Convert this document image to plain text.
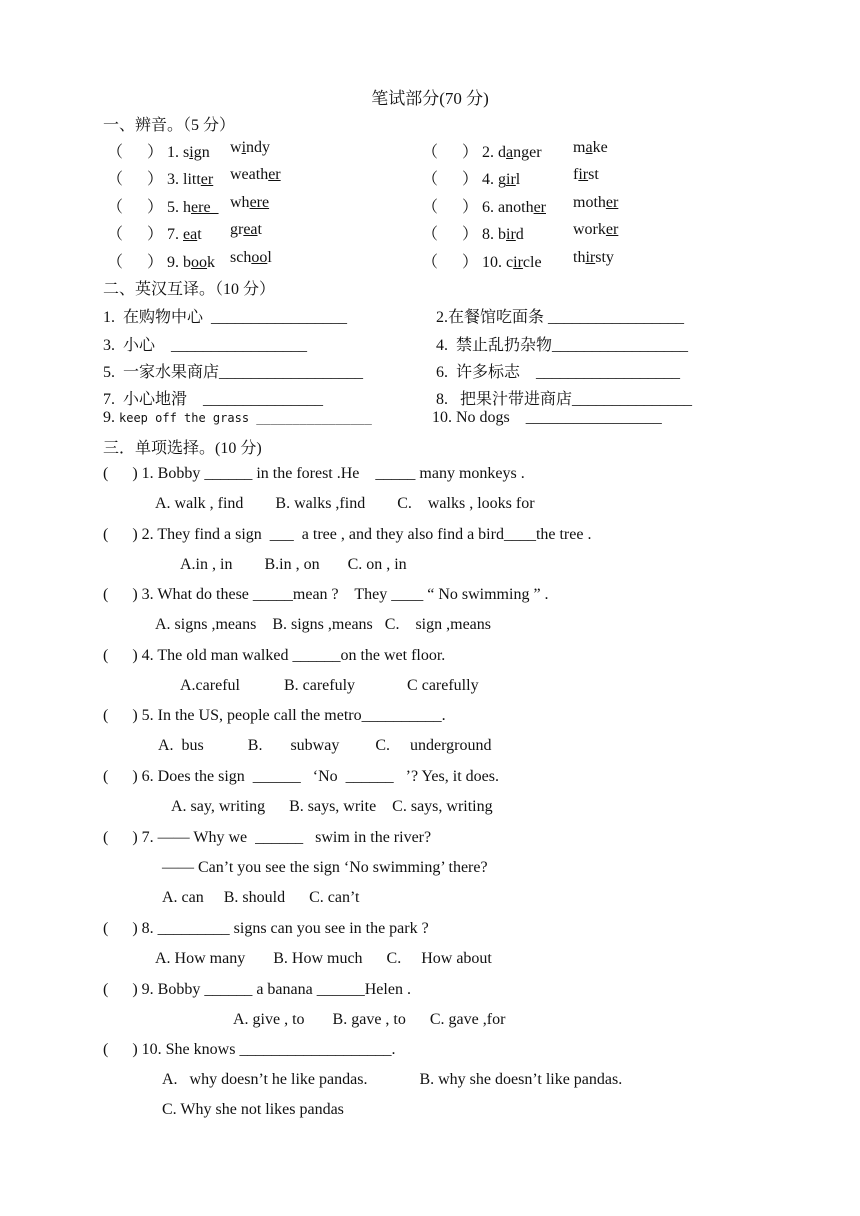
笔试部分(70 分)
一、辨音。（5 分）
（      ） 1. sign windy	（      ） 2. danger make
（      ） 3. litter weather	（      ） 4. girl	first
（      ） 5. here where	（      ） 6. another mother
（      ） 7. eat great	（      ） 8. bird	worker
（      ） 9. book school	（      ） 10. circle thirsty
二、英汉互译。（10 分）
1.  在购物中心  _________________	2.在餐馆吃面条 _________________
3.  小心    _________________	4.  禁止乱扔杂物_________________
5.  一家水果商店__________________	6.  许多标志    __________________
7.  小心地滑    _______________	8.   把果汁带进商店_______________
9. keep off the grass ________________	10. No dogs    _________________
三．单项选择。(10 分)
(      ) 1. Bobby ______ in the forest .He    _____ many monkeys .
A. walk , find        B. walks ,find        C.    walks , looks for
(      ) 2. They find a sign  ___  a tree , and they also find a bird____the tree .
A.in , in        B.in , on       C. on , in
(      ) 3. What do these _____mean ?    They ____ “ No swimming ” .
A. signs ,means    B. signs ,means   C.    sign ,means
(      ) 4. The old man walked ______on the wet floor.
A.careful           B. carefuly             C carefully
(      ) 5. In the US, people call the metro__________.
A.  bus           B.       subway         C.     underground
(      ) 6. Does the sign  ______   ‘No  ______   ’? Yes, it does.
A. say, writing      B. says, write    C. says, writing
(      ) 7. —— Why we  ______   swim in the river?
—— Can’t you see the sign ‘No swimming’ there?
A. can     B. should      C. can’t
(      ) 8. _________ signs can you see in the park ?
A. How many       B. How much      C.     How about
(      ) 9. Bobby ______ a banana ______Helen .
A. give , to       B. gave , to      C. gave ,for
(      ) 10. She knows ___________________.
A.   why doesn’t he like pandas.             B. why she doesn’t like pandas.
C. Why she not likes pandas
